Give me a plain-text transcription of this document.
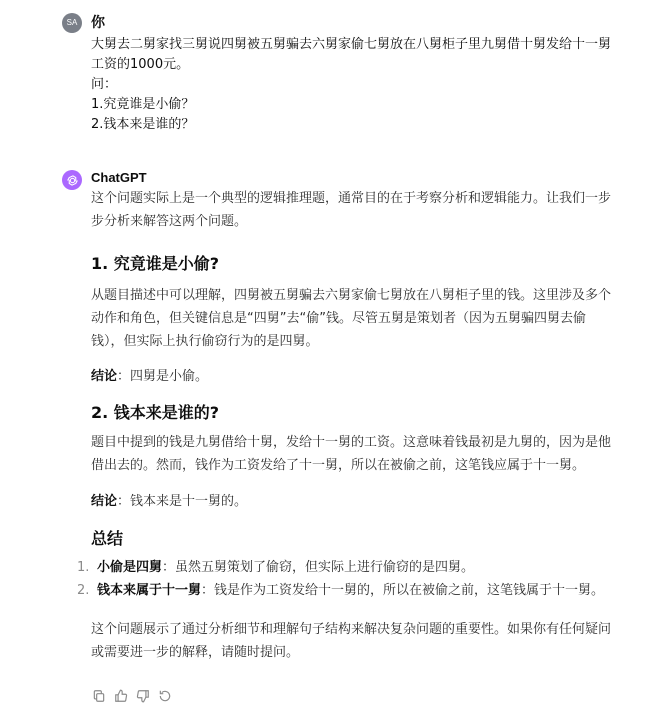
SA 你

大舅去二舅家找三舅说四舅被五舅骗去六舅家偷七舅放在八舅柜子里九舅借十舅发给十一舅

工资的1000元。

问：

1.究竟谁是小偷？

2.钱本来是谁的？

ChatGPT

这个问题实际上是一个典型的逻辑推理题，通常目的在于考察分析和逻辑能力。让我们一步

步分析来解答这两个问题。

1. 究竟谁是小偷?

从题目描述中可以理解，四舅被五舅骗去六舅家偷七舅放在八舅柜子里的钱。这里涉及多个

动作和角色，但关键信息是“四舅”去“偷”钱。尽管五舅是策划者（因为五舅骗四舅去偷

钱），但实际上执行偷窃行为的是四舅。

结论：四舅是小偷。

2. 钱本来是谁的?

题目中提到的钱是九舅借给十舅，发给十一舅的工资。这意味着钱最初是九舅的，因为是他

借出去的。然而，钱作为工资发给了十一舅，所以在被偷之前，这笔钱应属于十一舅。

结论：钱本来是十一舅的。

总结

1. 小偷是四舅：虽然五舅策划了偷窃，但实际上进行偷窃的是四舅。
2. 钱本来属于十一舅：钱是作为工资发给十一舅的，所以在被偷之前，这笔钱属于十一舅。

这个问题展示了通过分析细节和理解句子结构来解决复杂问题的重要性。如果你有任何疑问

或需要进一步的解释，请随时提问。
